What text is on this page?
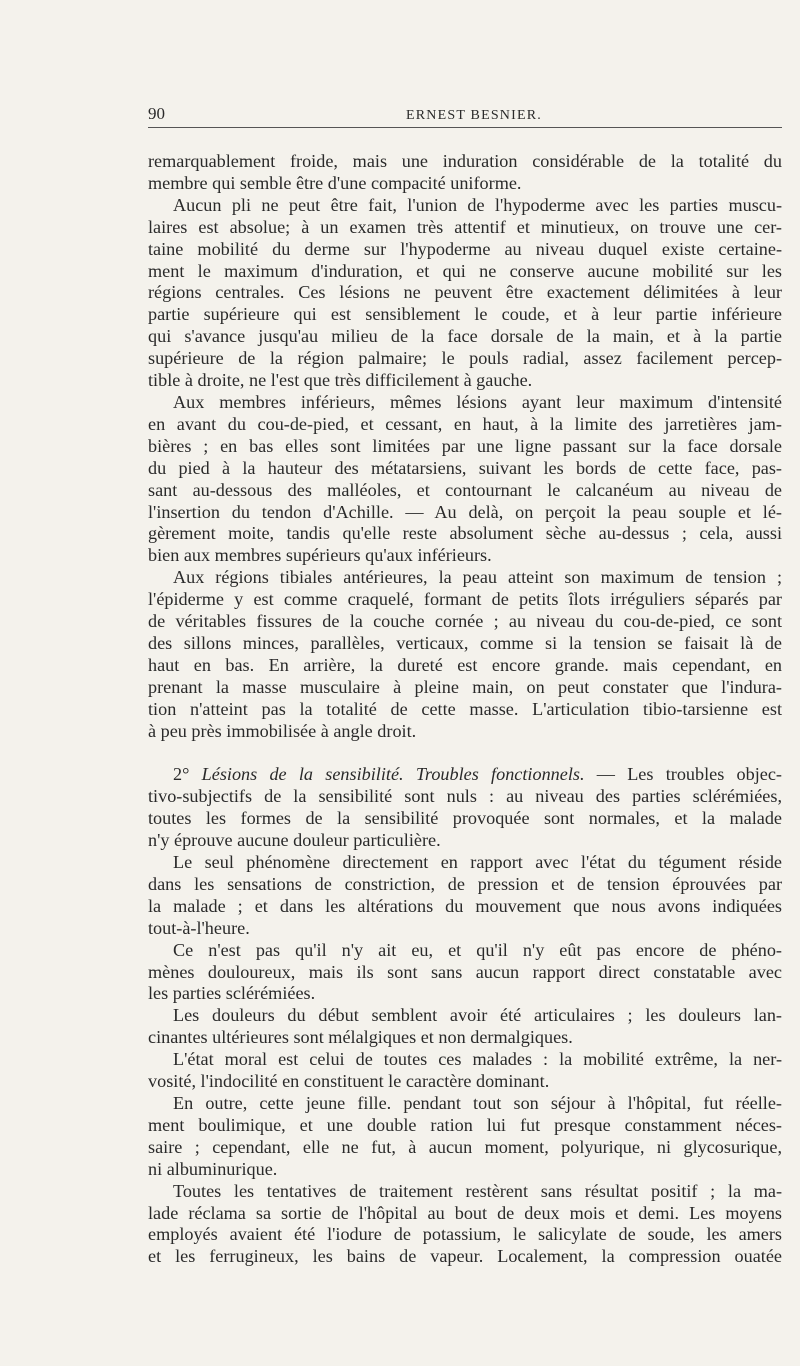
90	ERNEST BESNIER.
remarquablement froide, mais une induration considérable de la totalité du
membre qui semble être d'une compacité uniforme.
Aucun pli ne peut être fait, l'union de l'hypoderme avec les parties muscu-
laires est absolue; à un examen très attentif et minutieux, on trouve une cer-
taine mobilité du derme sur l'hypoderme au niveau duquel existe certaine-
ment le maximum d'induration, et qui ne conserve aucune mobilité sur les
régions centrales. Ces lésions ne peuvent être exactement délimitées à leur
partie supérieure qui est sensiblement le coude, et à leur partie inférieure
qui s'avance jusqu'au milieu de la face dorsale de la main, et à la partie
supérieure de la région palmaire; le pouls radial, assez facilement percep-
tible à droite, ne l'est que très difficilement à gauche.
Aux membres inférieurs, mêmes lésions ayant leur maximum d'intensité
en avant du cou-de-pied, et cessant, en haut, à la limite des jarretières jam-
bières ; en bas elles sont limitées par une ligne passant sur la face dorsale
du pied à la hauteur des métatarsiens, suivant les bords de cette face, pas-
sant au-dessous des malléoles, et contournant le calcanéum au niveau de
l'insertion du tendon d'Achille. — Au delà, on perçoit la peau souple et lé-
gèrement moite, tandis qu'elle reste absolument sèche au-dessus ; cela, aussi
bien aux membres supérieurs qu'aux inférieurs.
Aux régions tibiales antérieures, la peau atteint son maximum de tension ;
l'épiderme y est comme craquelé, formant de petits îlots irréguliers séparés par
de véritables fissures de la couche cornée ; au niveau du cou-de-pied, ce sont
des sillons minces, parallèles, verticaux, comme si la tension se faisait là de
haut en bas. En arrière, la dureté est encore grande. mais cependant, en
prenant la masse musculaire à pleine main, on peut constater que l'indura-
tion n'atteint pas la totalité de cette masse. L'articulation tibio-tarsienne est
à peu près immobilisée à angle droit.

2° Lésions de la sensibilité. Troubles fonctionnels. — Les troubles objec-
tivo-subjectifs de la sensibilité sont nuls : au niveau des parties sclérémiées,
toutes les formes de la sensibilité provoquée sont normales, et la malade
n'y éprouve aucune douleur particulière.
Le seul phénomène directement en rapport avec l'état du tégument réside
dans les sensations de constriction, de pression et de tension éprouvées par
la malade ; et dans les altérations du mouvement que nous avons indiquées
tout-à-l'heure.
Ce n'est pas qu'il n'y ait eu, et qu'il n'y eût pas encore de phéno-
mènes douloureux, mais ils sont sans aucun rapport direct constatable avec
les parties sclérémiées.
Les douleurs du début semblent avoir été articulaires ; les douleurs lan-
cinantes ultérieures sont mélalgiques et non dermalgiques.
L'état moral est celui de toutes ces malades : la mobilité extrême, la ner-
vosité, l'indocilité en constituent le caractère dominant.
En outre, cette jeune fille. pendant tout son séjour à l'hôpital, fut réelle-
ment boulimique, et une double ration lui fut presque constamment néces-
saire ; cependant, elle ne fut, à aucun moment, polyurique, ni glycosurique,
ni albuminurique.
Toutes les tentatives de traitement restèrent sans résultat positif ; la ma-
lade réclama sa sortie de l'hôpital au bout de deux mois et demi. Les moyens
employés avaient été l'iodure de potassium, le salicylate de soude, les amers
et les ferrugineux, les bains de vapeur. Localement, la compression ouatée
